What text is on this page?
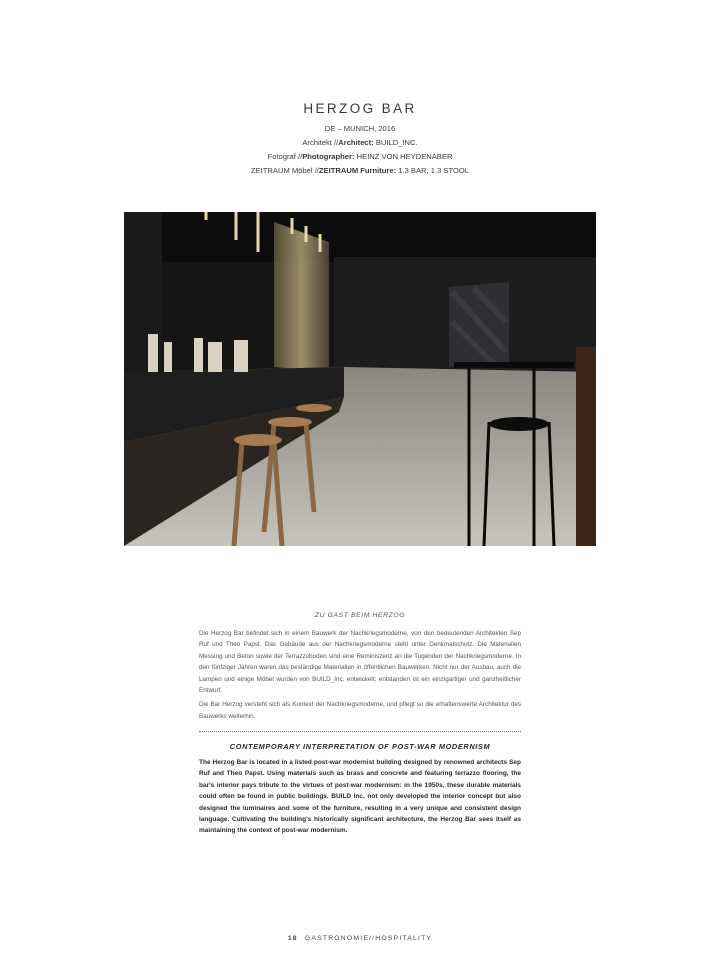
HERZOG BAR
DE – MUNICH, 2016
Architekt //Architect: BUILD_INC.
Fotograf //Photographer: HEINZ VON HEYDENABER
ZEITRAUM Möbel //ZEITRAUM Furniture: 1.3 BAR, 1.3 STOOL
ZU GAST BEIM HERZOG

Die Herzog Bar befindet sich in einem Bauwerk der Nachkriegsmoderne, von den bedeutenden Architekten Sep Ruf und Theo Papst. Das Gebäude aus der Nachkriegsmoderne steht unter Denkmalschutz. Die Materialien Messing und Beton sowie der Terrazzoboden sind eine Reminiszenz an die Tugenden der Nachkriegsmoderne. In den fünfziger Jahren waren das beständige Materialien in öffentlichen Bauwerken. Nicht nur der Ausbau, auch die Lampen und einige Möbel wurden von BUILD_Inc. entwickelt; entstanden ist ein einzigartiger und ganzheitlicher Entwurf.

Die Bar Herzog versteht sich als Kontext der Nachkriegsmoderne, und pflegt so die erhaltenswerte Architektur des Bauwerks weiterhin.

CONTEMPORARY INTERPRETATION OF POST-WAR MODERNISM

The Herzog Bar is located in a listed post-war modernist building designed by renowned architects Sep Ruf and Theo Papst. Using materials such as brass and concrete and featuring terrazzo flooring, the bar's interior pays tribute to the virtues of post-war modernism: in the 1950s, these durable materials could often be found in public buildings. BUILD Inc. not only developed the interior concept but also designed the luminaires and some of the furniture, resulting in a very unique and consistent design language. Cultivating the building's historically significant architecture, the Herzog Bar sees itself as maintaining the context of post-war modernism.

18 GASTRONOMIE//HOSPITALITY
